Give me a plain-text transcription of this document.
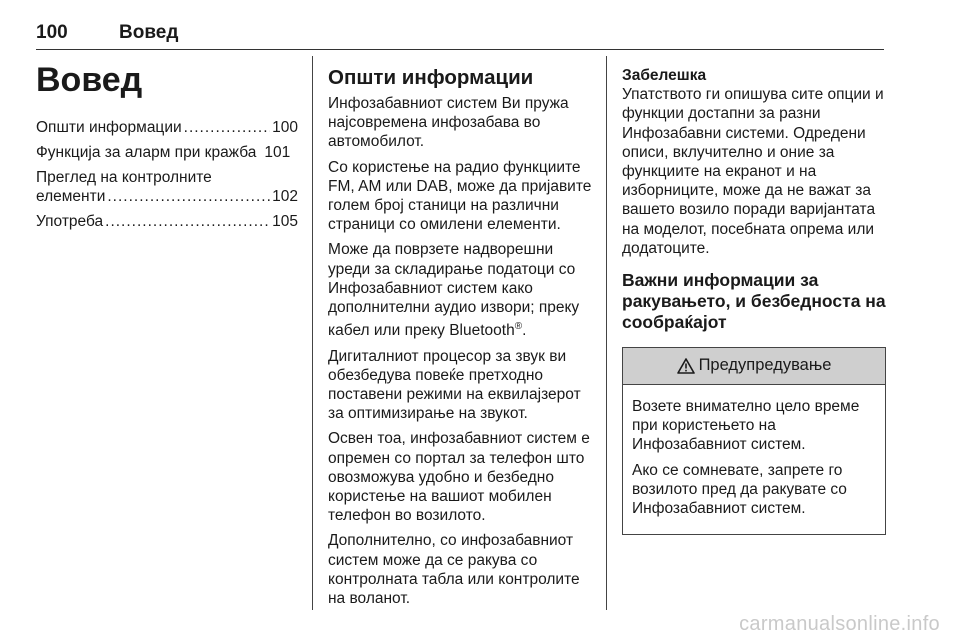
100	Вовед
Вовед
Општи информации .....	100
Функција за аларм при кражба 101
Преглед на контролните
елементи .....	102
Употреба .....	105
Општи информации

Инфозабавниот систем Ви пружа најсовремена инфозабава во автомобилот.

Со користење на радио функциите FM, AM или DAB, може да пријавите голем број станици на различни страници со омилени елементи.

Може да поврзете надворешни уреди за складирање податоци со Инфозабавниот систем како дополнителни аудио извори; преку кабел или преку Bluetooth®.

Дигиталниот процесор за звук ви обезбедува повеќе претходно поставени режими на еквилајзерот за оптимизирање на звукот.

Освен тоа, инфозабавниот систем е опремен со портал за телефон што овозможува удобно и безбедно користење на вашиот мобилен телефон во возилото.

Дополнително, со инфозабавниот систем може да се ракува со контролната табла или контролите на воланот.

Забелешка

Упатството ги опишува сите опции и функции достапни за разни Инфозабавни системи. Одредени описи, вклучително и оние за функциите на екранот и на изборниците, може да не важат за вашето возило поради варијантата на моделот, посебната опрема или додатоците.

Важни информации за ракувањето, и безбедноста на сообраќајот
Предупредување

Возете внимателно цело време при користењето на Инфозабавниот систем.

Ако се сомневате, запрете го возилото пред да ракувате со Инфозабавниот систем.

carmanualsonline.info
